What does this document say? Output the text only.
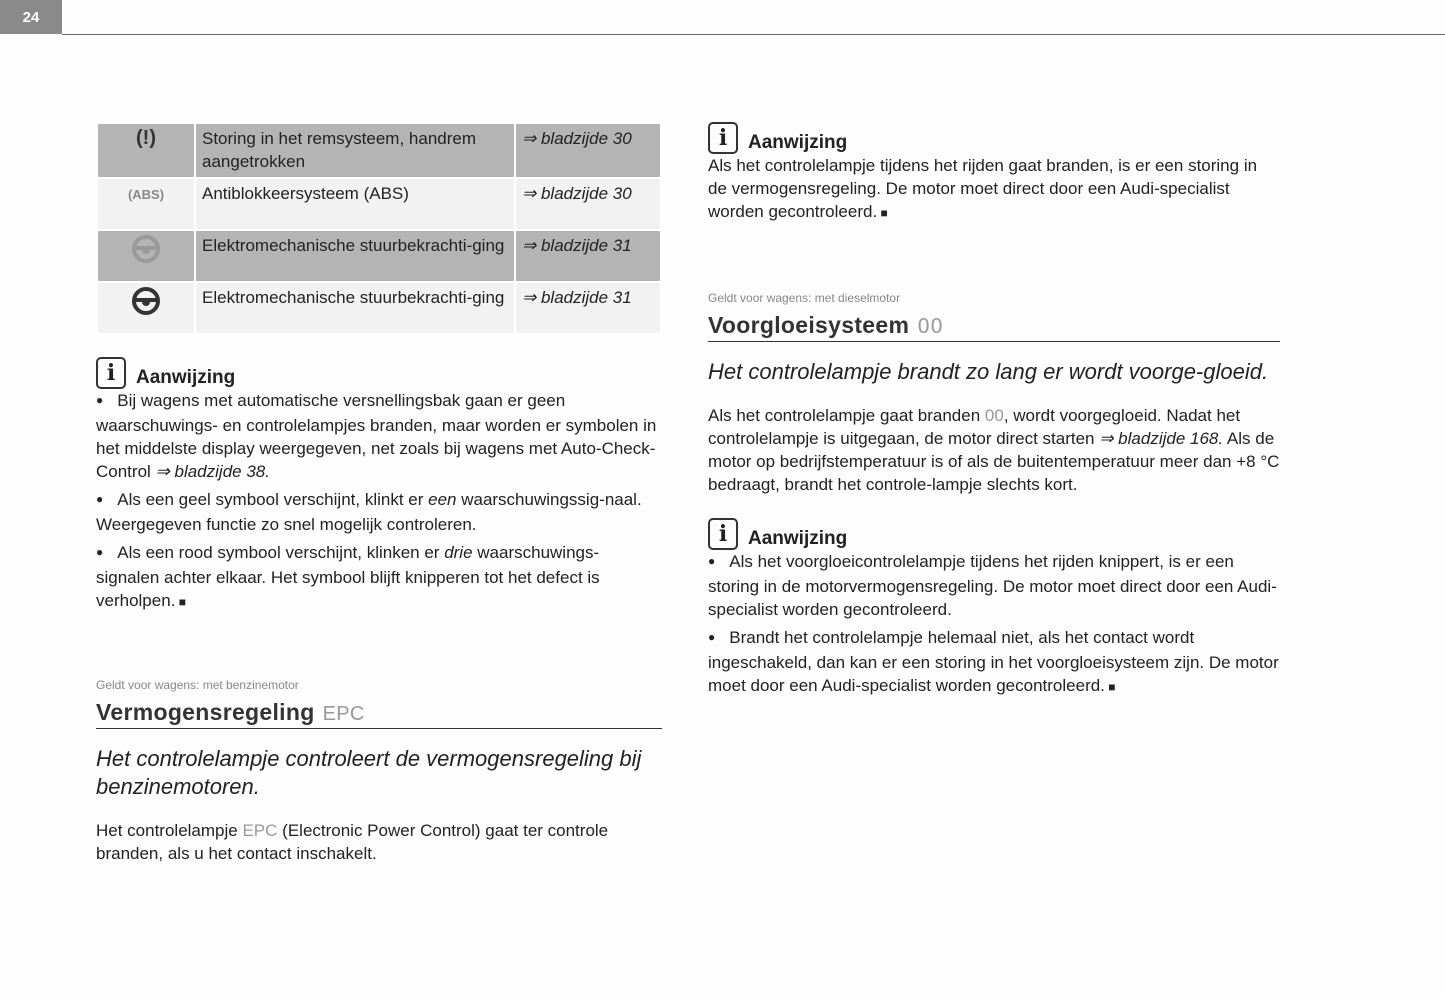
24
(!)	Storing in het remsysteem, handrem aangetrokken	⇒ bladzijde 30
(ABS)	Antiblokkeersysteem (ABS)	⇒ bladzijde 30
	Elektromechanische stuurbekrachti-ging	⇒ bladzijde 31
	Elektromechanische stuurbekrachti-ging	⇒ bladzijde 31
i	Aanwijzing

● Bij wagens met automatische versnellingsbak gaan er geen waarschuwings- en controlelampjes branden, maar worden er symbolen in het middelste display weergegeven, net zoals bij wagens met Auto-Check-Control ⇒ bladzijde 38.

● Als een geel symbool verschijnt, klinkt er een waarschuwingssig-naal. Weergegeven functie zo snel mogelijk controleren.

● Als een rood symbool verschijnt, klinken er drie waarschuwings-signalen achter elkaar. Het symbool blijft knipperen tot het defect is verholpen. ■

Geldt voor wagens: met benzinemotor
Vermogensregeling EPC
Het controlelampje controleert de vermogensregeling bij benzinemotoren.

Het controlelampje EPC (Electronic Power Control) gaat ter controle branden, als u het contact inschakelt.

i	Aanwijzing

Als het controlelampje tijdens het rijden gaat branden, is er een storing in de vermogensregeling. De motor moet direct door een Audi-specialist worden gecontroleerd. ■

Geldt voor wagens: met dieselmotor
Voorgloeisysteem 𝟢𝟢
Het controlelampje brandt zo lang er wordt voorge-gloeid.

Als het controlelampje gaat branden 00, wordt voorgegloeid. Nadat het controlelampje is uitgegaan, de motor direct starten ⇒ bladzijde 168. Als de motor op bedrijfstemperatuur is of als de buitentemperatuur meer dan +8 °C bedraagt, brandt het controle-lampje slechts kort.

i	Aanwijzing

● Als het voorgloeicontrolelampje tijdens het rijden knippert, is er een storing in de motorvermogensregeling. De motor moet direct door een Audi-specialist worden gecontroleerd.

● Brandt het controlelampje helemaal niet, als het contact wordt ingeschakeld, dan kan er een storing in het voorgloeisysteem zijn. De motor moet door een Audi-specialist worden gecontroleerd. ■
